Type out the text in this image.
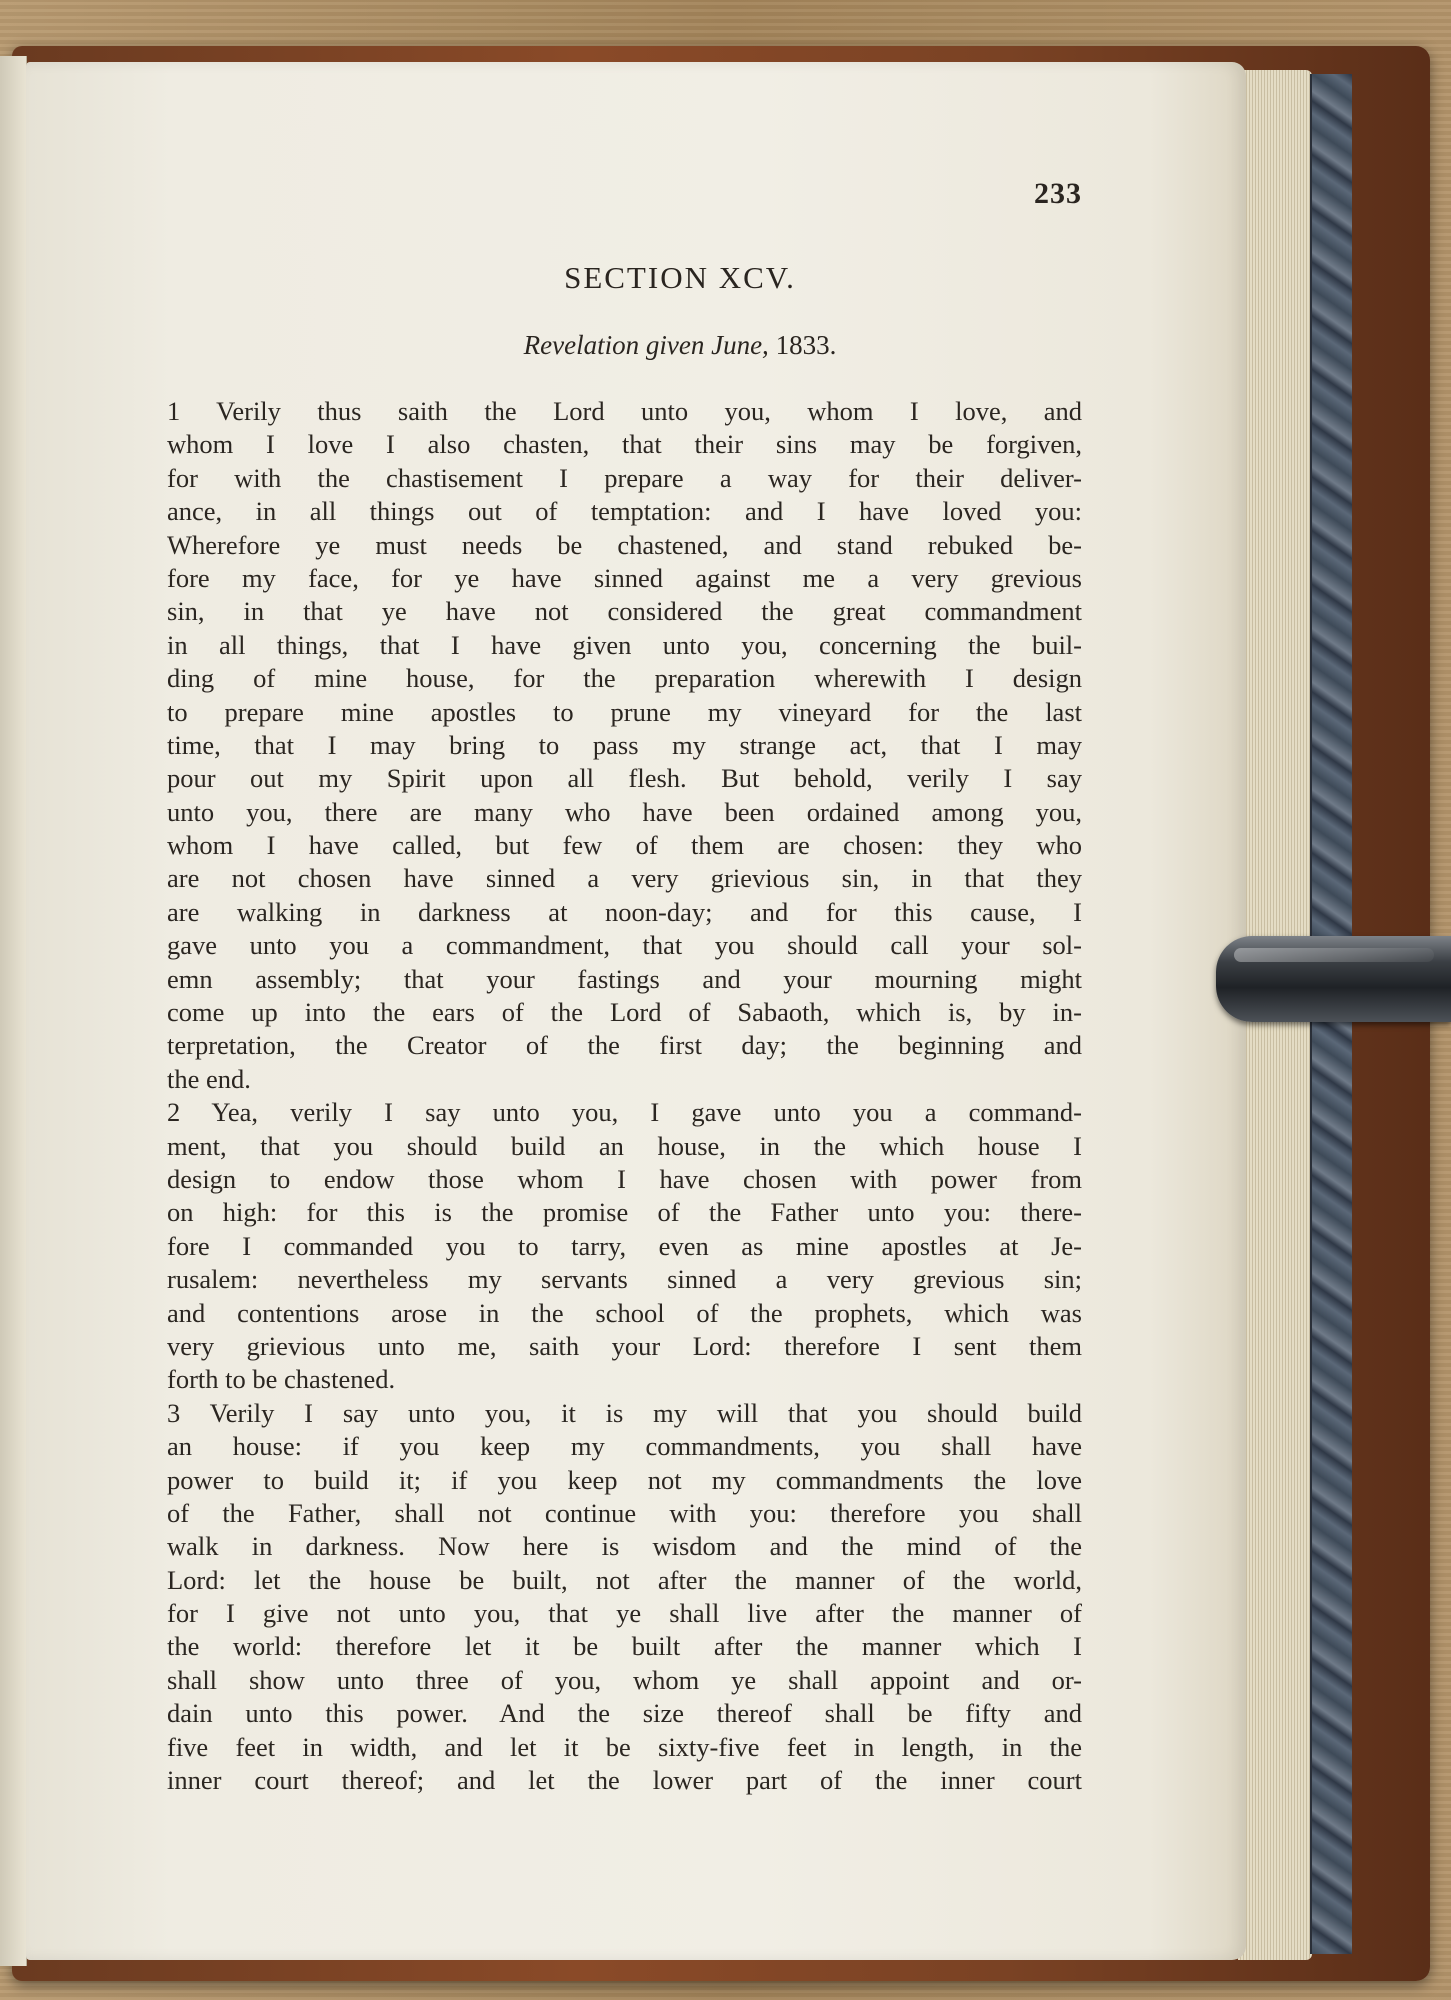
233
SECTION XCV.
Revelation given June, 1833.
1 Verily thus saith the Lord unto you, whom I love, and
whom I love I also chasten, that their sins may be forgiven,
for with the chastisement I prepare a way for their deliver-
ance, in all things out of temptation: and I have loved you:
Wherefore ye must needs be chastened, and stand rebuked be-
fore my face, for ye have sinned against me a very grevious
sin, in that ye have not considered the great commandment
in all things, that I have given unto you, concerning the buil-
ding of mine house, for the preparation wherewith I design
to prepare mine apostles to prune my vineyard for the last
time, that I may bring to pass my strange act, that I may
pour out my Spirit upon all flesh. But behold, verily I say
unto you, there are many who have been ordained among you,
whom I have called, but few of them are chosen: they who
are not chosen have sinned a very grievious sin, in that they
are walking in darkness at noon-day; and for this cause, I
gave unto you a commandment, that you should call your sol-
emn assembly; that your fastings and your mourning might
come up into the ears of the Lord of Sabaoth, which is, by in-
terpretation, the Creator of the first day; the beginning and
the end.
2 Yea, verily I say unto you, I gave unto you a command-
ment, that you should build an house, in the which house I
design to endow those whom I have chosen with power from
on high: for this is the promise of the Father unto you: there-
fore I commanded you to tarry, even as mine apostles at Je-
rusalem: nevertheless my servants sinned a very grevious sin;
and contentions arose in the school of the prophets, which was
very grievious unto me, saith your Lord: therefore I sent them
forth to be chastened.
3 Verily I say unto you, it is my will that you should build
an house: if you keep my commandments, you shall have
power to build it; if you keep not my commandments the love
of the Father, shall not continue with you: therefore you shall
walk in darkness. Now here is wisdom and the mind of the
Lord: let the house be built, not after the manner of the world,
for I give not unto you, that ye shall live after the manner of
the world: therefore let it be built after the manner which I
shall show unto three of you, whom ye shall appoint and or-
dain unto this power. And the size thereof shall be fifty and
five feet in width, and let it be sixty-five feet in length, in the
inner court thereof; and let the lower part of the inner court
